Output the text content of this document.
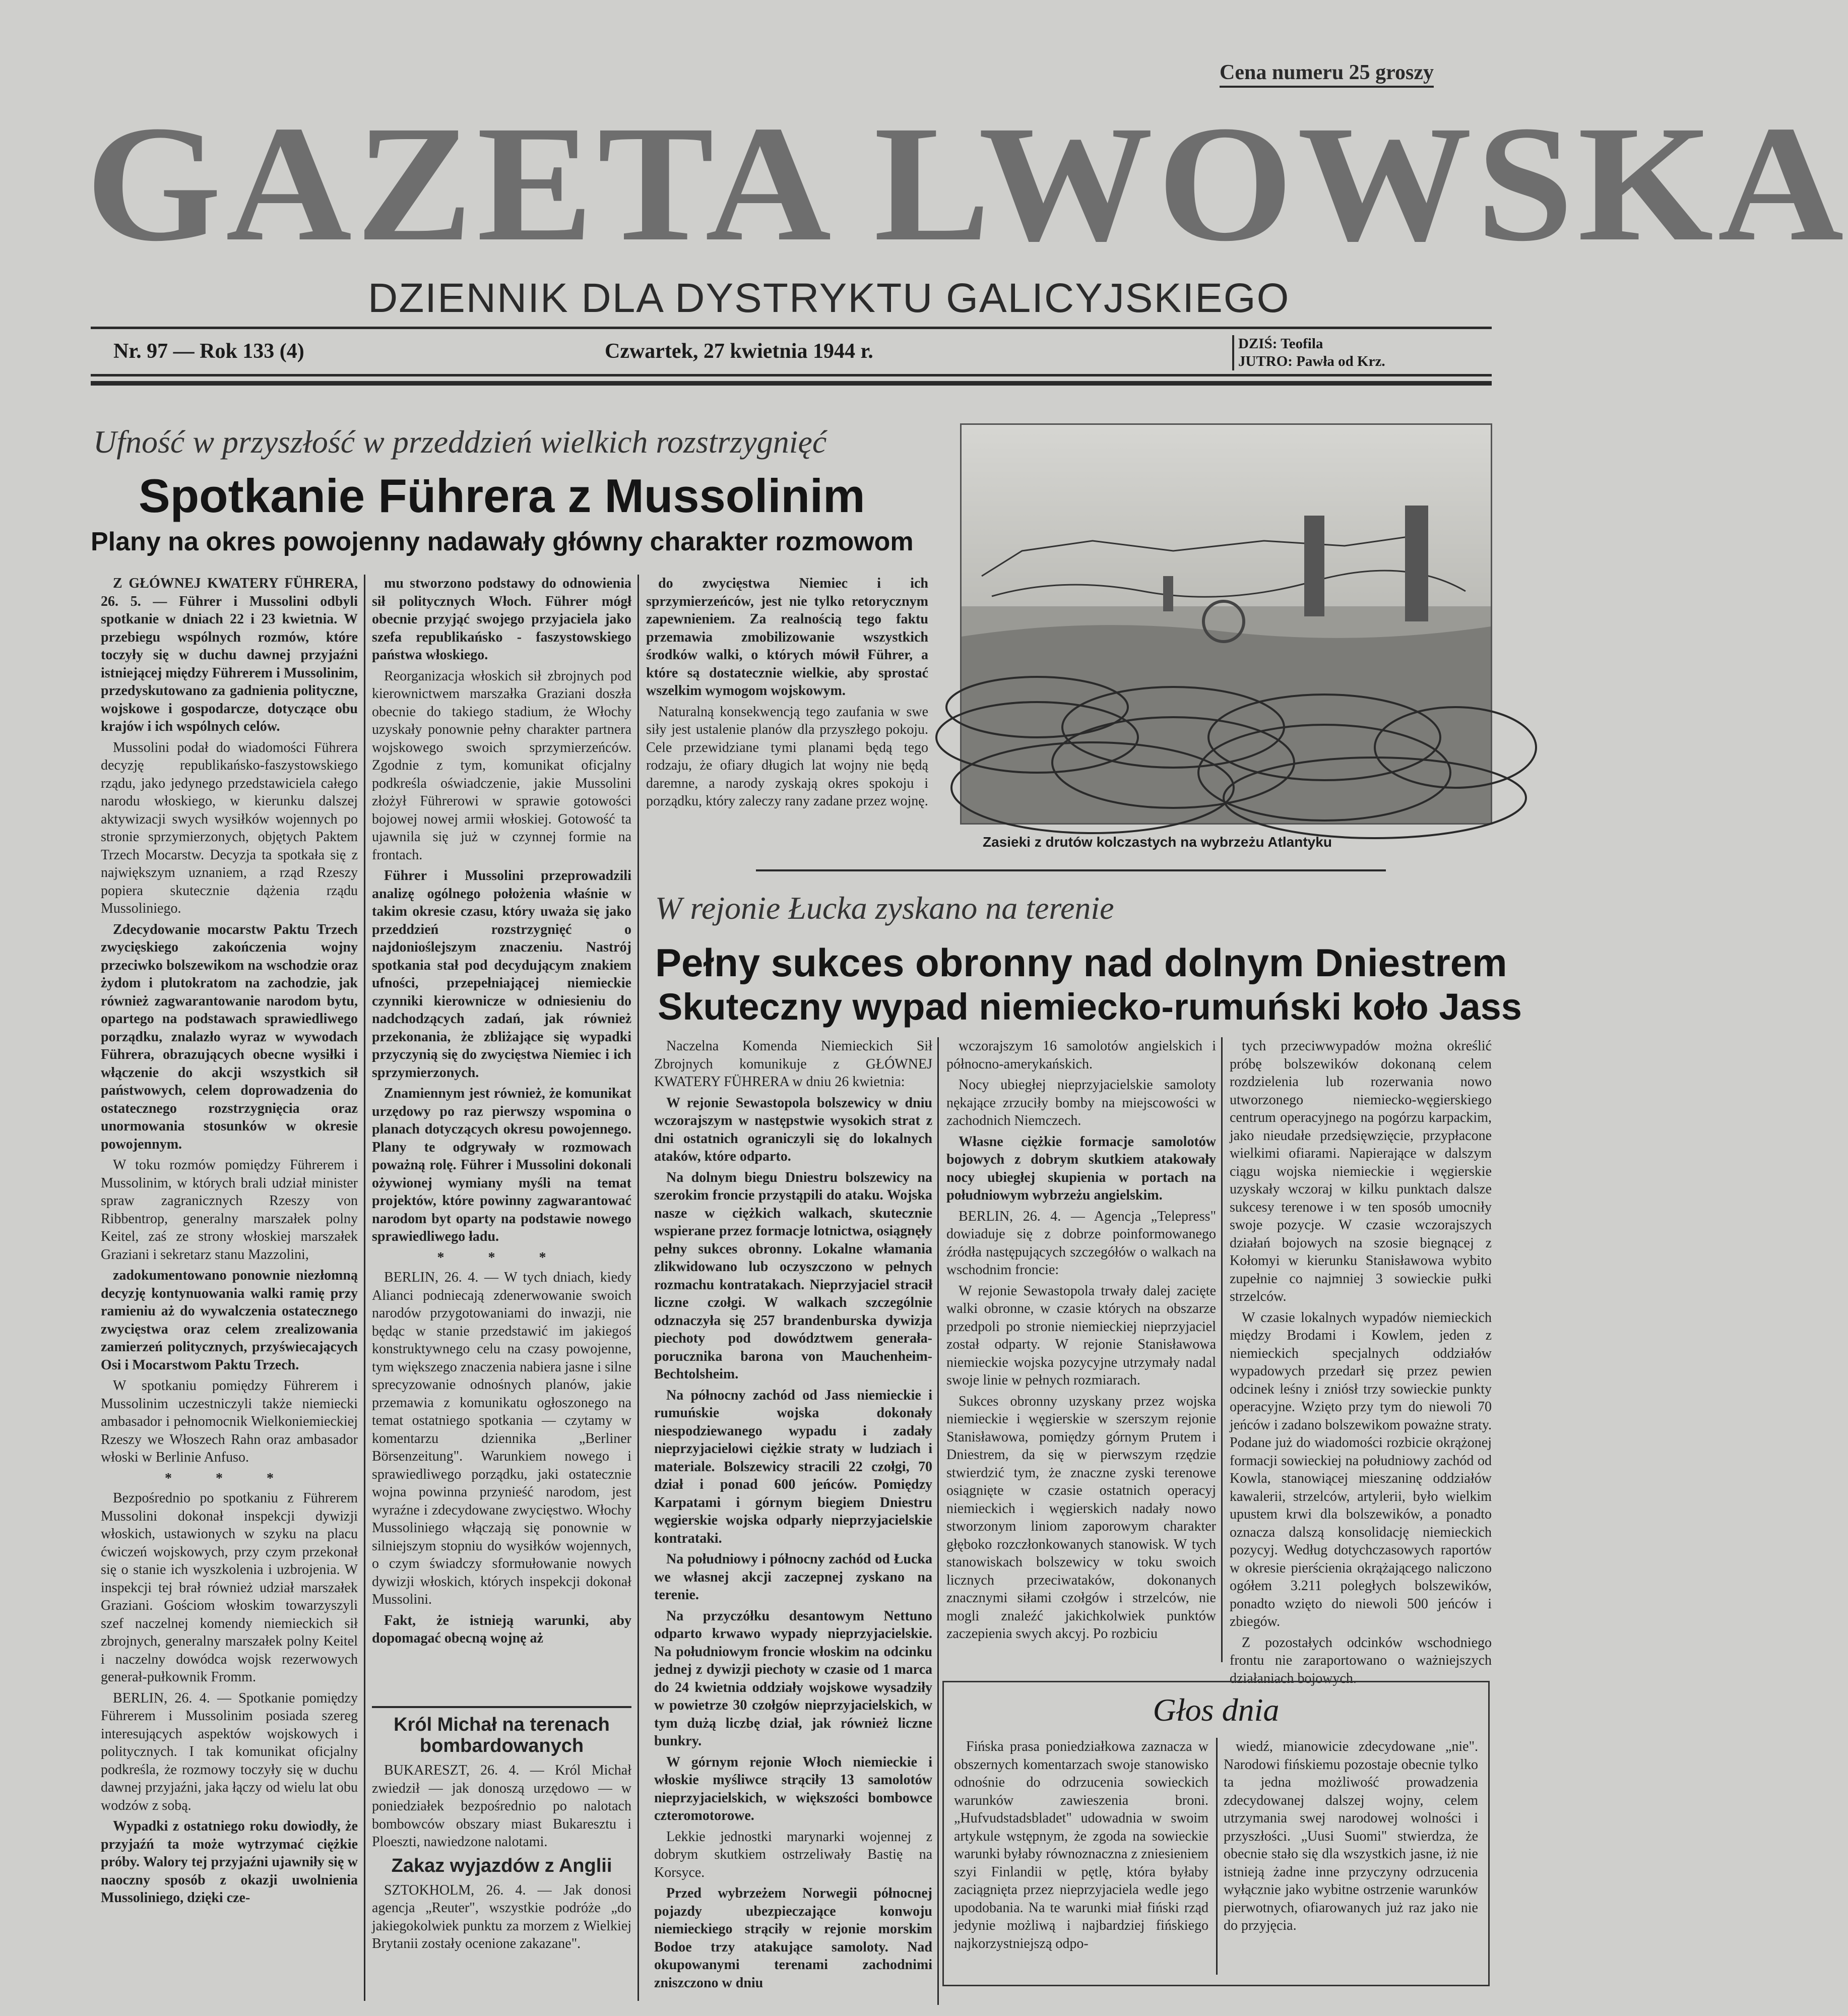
Cena numeru 25 groszy
GAZETA LWOWSKA
DZIENNIK DLA DYSTRYKTU GALICYJSKIEGO
Nr. 97 — Rok 133 (4)	Czwartek, 27 kwietnia 1944 r.	DZIŚ: Teofila
JUTRO: Pawła od Krz.
Ufność w przyszłość w przeddzień wielkich rozstrzygnięć
Spotkanie Führera z Mussolinim
Plany na okres powojenny nadawały główny charakter rozmowom

Z GŁÓWNEJ KWATERY FÜHRERA, 26. 5. — Führer i Mussolini odbyli spotkanie w dniach 22 i 23 kwietnia. W przebiegu wspólnych rozmów, które toczyły się w duchu dawnej przyjaźni istniejącej między Führerem i Mussolinim, przedyskutowano za gadnienia polityczne, wojskowe i gospodarcze, dotyczące obu krajów i ich wspólnych celów.

Mussolini podał do wiadomości Führera decyzję republikańsko-faszystowskiego rządu, jako jedynego przedstawiciela całego narodu włoskiego, w kierunku dalszej aktywizacji swych wysiłków wojennych po stronie sprzymierzonych, objętych Paktem Trzech Mocarstw. Decyzja ta spotkała się z największym uznaniem, a rząd Rzeszy popiera skutecznie dążenia rządu Mussoliniego.

Zdecydowanie mocarstw Paktu Trzech zwycięskiego zakończenia wojny przeciwko bolszewikom na wschodzie oraz żydom i plutokratom na zachodzie, jak również zagwarantowanie narodom bytu, opartego na podstawach sprawiedliwego porządku, znalazło wyraz w wywodach Führera, obrazujących obecne wysiłki i włączenie do akcji wszystkich sił państwowych, celem doprowadzenia do ostatecznego rozstrzygnięcia oraz unormowania stosunków w okresie powojennym.

W toku rozmów pomiędzy Führerem i Mussolinim, w których brali udział minister spraw zagranicznych Rzeszy von Ribbentrop, generalny marszałek polny Keitel, zaś ze strony włoskiej marszałek Graziani i sekretarz stanu Mazzolini,

zadokumentowano ponownie niezłomną decyzję kontynuowania walki ramię przy ramieniu aż do wywalczenia ostatecznego zwycięstwa oraz celem zrealizowania zamierzeń politycznych, przyświecających Osi i Mocarstwom Paktu Trzech.

W spotkaniu pomiędzy Führerem i Mussolinim uczestniczyli także niemiecki ambasador i pełnomocnik Wielkoniemieckiej Rzeszy we Włoszech Rahn oraz ambasador włoski w Berlinie Anfuso.

* * *

Bezpośrednio po spotkaniu z Führerem Mussolini dokonał inspekcji dywizji włoskich, ustawionych w szyku na placu ćwiczeń wojskowych, przy czym przekonał się o stanie ich wyszkolenia i uzbrojenia. W inspekcji tej brał również udział marszałek Graziani. Gościom włoskim towarzyszyli szef naczelnej komendy niemieckich sił zbrojnych, generalny marszałek polny Keitel i naczelny dowódca wojsk rezerwowych generał-pułkownik Fromm.

BERLIN, 26. 4. — Spotkanie pomiędzy Führerem i Mussolinim posiada szereg interesujących aspektów wojskowych i politycznych. I tak komunikat oficjalny podkreśla, że rozmowy toczyły się w duchu dawnej przyjaźni, jaka łączy od wielu lat obu wodzów z sobą.

Wypadki z ostatniego roku dowiodły, że przyjaźń ta może wytrzymać ciężkie próby. Walory tej przyjaźni ujawniły się w naoczny sposób z okazji uwolnienia Mussoliniego, dzięki cze-

mu stworzono podstawy do odnowienia sił politycznych Włoch. Führer mógł obecnie przyjąć swojego przyjaciela jako szefa republikańsko - faszystowskiego państwa włoskiego.

Reorganizacja włoskich sił zbrojnych pod kierownictwem marszałka Graziani doszła obecnie do takiego stadium, że Włochy uzyskały ponownie pełny charakter partnera wojskowego swoich sprzymierzeńców. Zgodnie z tym, komunikat oficjalny podkreśla oświadczenie, jakie Mussolini złożył Führerowi w sprawie gotowości bojowej nowej armii włoskiej. Gotowość ta ujawnila się już w czynnej formie na frontach.

Führer i Mussolini przeprowadzili analizę ogólnego położenia właśnie w takim okresie czasu, który uważa się jako przeddzień rozstrzygnięć o najdonioślejszym znaczeniu. Nastrój spotkania stał pod decydującym znakiem ufności, przepełniającej niemieckie czynniki kierownicze w odniesieniu do nadchodzących zadań, jak również przekonania, że zbliżające się wypadki przyczynią się do zwycięstwa Niemiec i ich sprzymierzonych.

Znamiennym jest również, że komunikat urzędowy po raz pierwszy wspomina o planach dotyczących okresu powojennego. Plany te odgrywały w rozmowach poważną rolę. Führer i Mussolini dokonali ożywionej wymiany myśli na temat projektów, które powinny zagwarantować narodom byt oparty na podstawie nowego sprawiedliwego ładu.

* * *

BERLIN, 26. 4. — W tych dniach, kiedy Alianci podniecają zdenerwowanie swoich narodów przygotowaniami do inwazji, nie będąc w stanie przedstawić im jakiegoś konstruktywnego celu na czasy powojenne, tym większego znaczenia nabiera jasne i silne sprecyzowanie odnośnych planów, jakie przemawia z komunikatu ogłoszonego na temat ostatniego spotkania — czytamy w komentarzu dziennika „Berliner Börsenzeitung". Warunkiem nowego i sprawiedliwego porządku, jaki ostatecznie wojna powinna przynieść narodom, jest wyraźne i zdecydowane zwycięstwo. Włochy Mussoliniego włączają się ponownie w silniejszym stopniu do wysiłków wojennych, o czym świadczy sformułowanie nowych dywizji włoskich, których inspekcji dokonał Mussolini.

Fakt, że istnieją warunki, aby dopomagać obecną wojnę aż

do zwycięstwa Niemiec i ich sprzymierzeńców, jest nie tylko retorycznym zapewnieniem. Za realnością tego faktu przemawia zmobilizowanie wszystkich środków walki, o których mówił Führer, a które są dostatecznie wielkie, aby sprostać wszelkim wymogom wojskowym.

Naturalną konsekwencją tego zaufania w swe siły jest ustalenie planów dla przyszłego pokoju. Cele przewidziane tymi planami będą tego rodzaju, że ofiary długich lat wojny nie będą daremne, a narody zyskają okres spokoju i porządku, który zaleczy rany zadane przez wojnę.

Zasieki z drutów kolczastych na wybrzeżu Atlantyku
W rejonie Łucka zyskano na terenie
Pełny sukces obronny nad dolnym Dniestrem
Skuteczny wypad niemiecko-rumuński koło Jass

Naczelna Komenda Niemieckich Sił Zbrojnych komunikuje z GŁÓWNEJ KWATERY FÜHRERA w dniu 26 kwietnia:

W rejonie Sewastopola bolszewicy w dniu wczorajszym w następstwie wysokich strat z dni ostatnich ograniczyli się do lokalnych ataków, które odparto.

Na dolnym biegu Dniestru bolszewicy na szerokim froncie przystąpili do ataku. Wojska nasze w ciężkich walkach, skutecznie wspierane przez formacje lotnictwa, osiągnęły pełny sukces obronny. Lokalne włamania zlikwidowano lub oczyszczono w pełnych rozmachu kontratakach. Nieprzyjaciel stracił liczne czołgi. W walkach szczególnie odznaczyła się 257 brandenburska dywizja piechoty pod dowództwem generała-porucznika barona von Mauchenheim-Bechtolsheim.

Na północny zachód od Jass niemieckie i rumuńskie wojska dokonały niespodziewanego wypadu i zadały nieprzyjacielowi ciężkie straty w ludziach i materiale. Bolszewicy stracili 22 czołgi, 70 dział i ponad 600 jeńców. Pomiędzy Karpatami i górnym biegiem Dniestru węgierskie wojska odparły nieprzyjacielskie kontrataki.

Na południowy i północny zachód od Łucka we własnej akcji zaczepnej zyskano na terenie.

Na przyczółku desantowym Nettuno odparto krwawo wypady nieprzyjacielskie. Na południowym froncie włoskim na odcinku jednej z dywizji piechoty w czasie od 1 marca do 24 kwietnia oddziały wojskowe wysadziły w powietrze 30 czołgów nieprzyjacielskich, w tym dużą liczbę dział, jak również liczne bunkry.

W górnym rejonie Włoch niemieckie i włoskie myśliwce strąciły 13 samolotów nieprzyjacielskich, w większości bombowce czteromotorowe.

Lekkie jednostki marynarki wojennej z dobrym skutkiem ostrzeliwały Bastię na Korsyce.

Przed wybrzeżem Norwegii północnej pojazdy ubezpieczające konwoju niemieckiego strąciły w rejonie morskim Bodoe trzy atakujące samoloty. Nad okupowanymi terenami zachodnimi zniszczono w dniu

wczorajszym 16 samolotów angielskich i północno-amerykańskich.

Nocy ubiegłej nieprzyjacielskie samoloty nękające zrzuciły bomby na miejscowości w zachodnich Niemczech.

Własne ciężkie formacje samolotów bojowych z dobrym skutkiem atakowały nocy ubiegłej skupienia w portach na południowym wybrzeżu angielskim.

BERLIN, 26. 4. — Agencja „Telepress" dowiaduje się z dobrze poinformowanego źródła następujących szczegółów o walkach na wschodnim froncie:

W rejonie Sewastopola trwały dalej zacięte walki obronne, w czasie których na obszarze przedpoli po stronie niemieckiej nieprzyjaciel został odparty. W rejonie Stanisławowa niemieckie wojska pozycyjne utrzymały nadal swoje linie w pełnych rozmiarach.

Sukces obronny uzyskany przez wojska niemieckie i węgierskie w szerszym rejonie Stanisławowa, pomiędzy górnym Prutem i Dniestrem, da się w pierwszym rzędzie stwierdzić tym, że znaczne zyski terenowe osiągnięte w czasie ostatnich operacyj niemieckich i węgierskich nadały nowo stworzonym liniom zaporowym charakter głęboko rozczłonkowanych stanowisk. W tych stanowiskach bolszewicy w toku swoich licznych przeciwataków, dokonanych znacznymi siłami czołgów i strzelców, nie mogli znaleźć jakichkolwiek punktów zaczepienia swych akcyj. Po rozbiciu

tych przeciwwypadów można określić próbę bolszewików dokonaną celem rozdzielenia lub rozerwania nowo utworzonego niemiecko-węgierskiego centrum operacyjnego na pogórzu karpackim, jako nieudałe przedsięwzięcie, przypłacone wielkimi ofiarami. Napierające w dalszym ciągu wojska niemieckie i węgierskie uzyskały wczoraj w kilku punktach dalsze sukcesy terenowe i w ten sposób umocniły swoje pozycje. W czasie wczorajszych działań bojowych na szosie biegnącej z Kołomyi w kierunku Stanisławowa wybito zupełnie co najmniej 3 sowieckie pułki strzelców.

W czasie lokalnych wypadów niemieckich między Brodami i Kowlem, jeden z niemieckich specjalnych oddziałów wypadowych przedarł się przez pewien odcinek leśny i zniósł trzy sowieckie punkty operacyjne. Wzięto przy tym do niewoli 70 jeńców i zadano bolszewikom poważne straty. Podane już do wiadomości rozbicie okrążonej formacji sowieckiej na południowy zachód od Kowla, stanowiącej mieszaninę oddziałów kawalerii, strzelców, artylerii, było wielkim upustem krwi dla bolszewików, a ponadto oznacza dalszą konsolidację niemieckich pozycyj. Według dotychczasowych raportów w okresie pierścienia okrążającego naliczono ogółem 3.211 poległych bolszewików, ponadto wzięto do niewoli 500 jeńców i zbiegów.

Z pozostałych odcinków wschodniego frontu nie zaraportowano o ważniejszych działaniach bojowych.

Król Michał na terenach bombardowanych

BUKARESZT, 26. 4. — Król Michał zwiedził — jak donoszą urzędowo — w poniedziałek bezpośrednio po nalotach bombowców obszary miast Bukaresztu i Ploeszti, nawiedzone nalotami.

Zakaz wyjazdów z Anglii

SZTOKHOLM, 26. 4. — Jak donosi agencja „Reuter", wszystkie podróże „do jakiegokolwiek punktu za morzem z Wielkiej Brytanii zostały ocenione zakazane".

Głos dnia

Fińska prasa poniedziałkowa zaznacza w obszernych komentarzach swoje stanowisko odnośnie do odrzucenia sowieckich warunków zawieszenia broni. „Hufvudstadsbladet" udowadnia w swoim artykule wstępnym, że zgoda na sowieckie warunki byłaby równoznaczna z zniesieniem szyi Finlandii w pętlę, która byłaby zaciągnięta przez nieprzyjaciela wedle jego upodobania. Na te warunki miał fiński rząd jedynie możliwą i najbardziej fińskiego najkorzystniejszą odpo-

wiedź, mianowicie zdecydowane „nie". Narodowi fińskiemu pozostaje obecnie tylko ta jedna możliwość prowadzenia zdecydowanej dalszej wojny, celem utrzymania swej narodowej wolności i przyszłości. „Uusi Suomi" stwierdza, że obecnie stało się dla wszystkich jasne, iż nie istnieją żadne inne przyczyny odrzucenia wyłącznie jako wybitne ostrzenie warunków pierwotnych, ofiarowanych już raz jako nie do przyjęcia.
